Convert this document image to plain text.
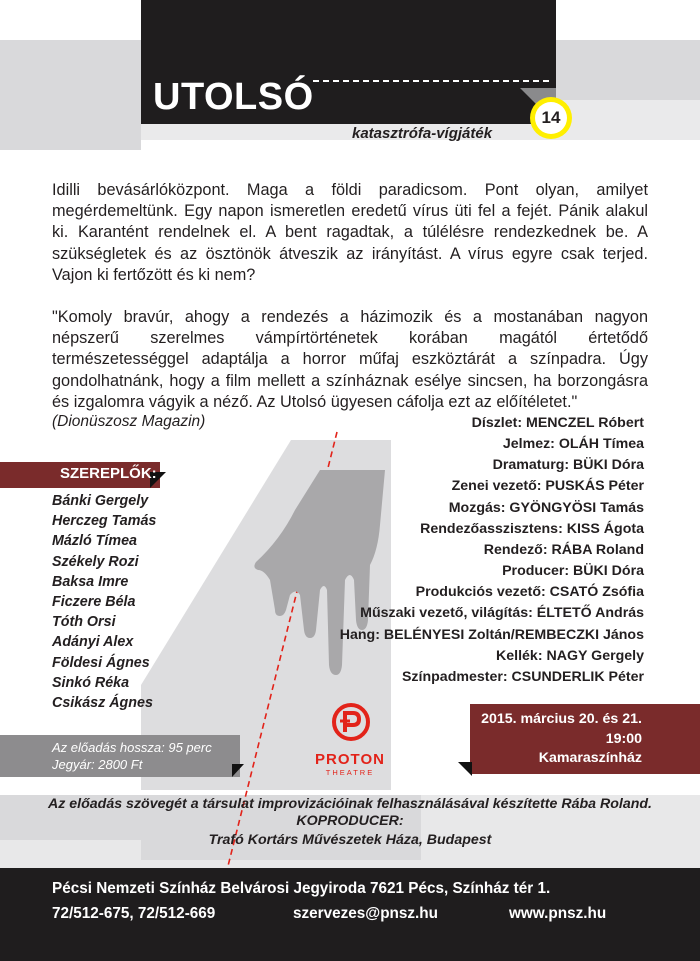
UTOLSÓ	14
katasztrófa-vígjáték
Idilli bevásárlóközpont. Maga a földi paradicsom. Pont olyan, amilyet megérdemeltünk. Egy napon ismeretlen eredetű vírus üti fel a fejét. Pánik alakul ki. Karantént rendelnek el. A bent ragadtak, a túlélésre rendezkednek be. A szükségletek és az ösztönök átveszik az irányítást. A vírus egyre csak terjed. Vajon ki fertőzött és ki nem?
"Komoly bravúr, ahogy a rendezés a házimozik és a mostanában nagyon népszerű szerelmes vámpírtörténetek korában magától értetődő természetességgel adaptálja a horror műfaj eszköztárát a színpadra. Úgy gondolhatnánk, hogy a film mellett a színháznak esélye sincsen, ha borzongásra és izgalomra vágyik a néző. Az Utolsó ügyesen cáfolja ezt az előítéletet."
(Dionüszosz Magazin)	Díszlet: MENCZEL Róbert
Jelmez: OLÁH Tímea
Dramaturg: BÜKI Dóra
Zenei vezető: PUSKÁS Péter
Mozgás: GYÖNGYÖSI Tamás
Rendezőasszisztens: KISS Ágota
Rendező: RÁBA Roland
Producer: BÜKI Dóra
Produkciós vezető: CSATÓ Zsófia
Műszaki vezető, világítás: ÉLTETŐ András
Hang: BELÉNYESI Zoltán/REMBECZKI János
Kellék: NAGY Gergely
Színpadmester: CSUNDERLIK Péter
SZEREPLŐK:
Bánki Gergely
Herczeg Tamás
Mázló Tímea
Székely Rozi
Baksa Imre
Ficzere Béla
Tóth Orsi
Adányi Alex
Földesi Ágnes
Sinkó Réka
Csikász Ágnes
Az előadás hossza: 95 perc
Jegyár: 2800 Ft	PROTON
THEATRE
2015. március 20. és 21.
19:00
Kamaraszínház
Az előadás szövegét a társulat improvizációinak felhasználásával készítette Rába Roland.
KOPRODUCER:
Trafó Kortárs Művészetek Háza, Budapest
Pécsi Nemzeti Színház Belvárosi Jegyiroda 7621 Pécs, Színház tér 1.
72/512-675, 72/512-669	szervezes@pnsz.hu	www.pnsz.hu
